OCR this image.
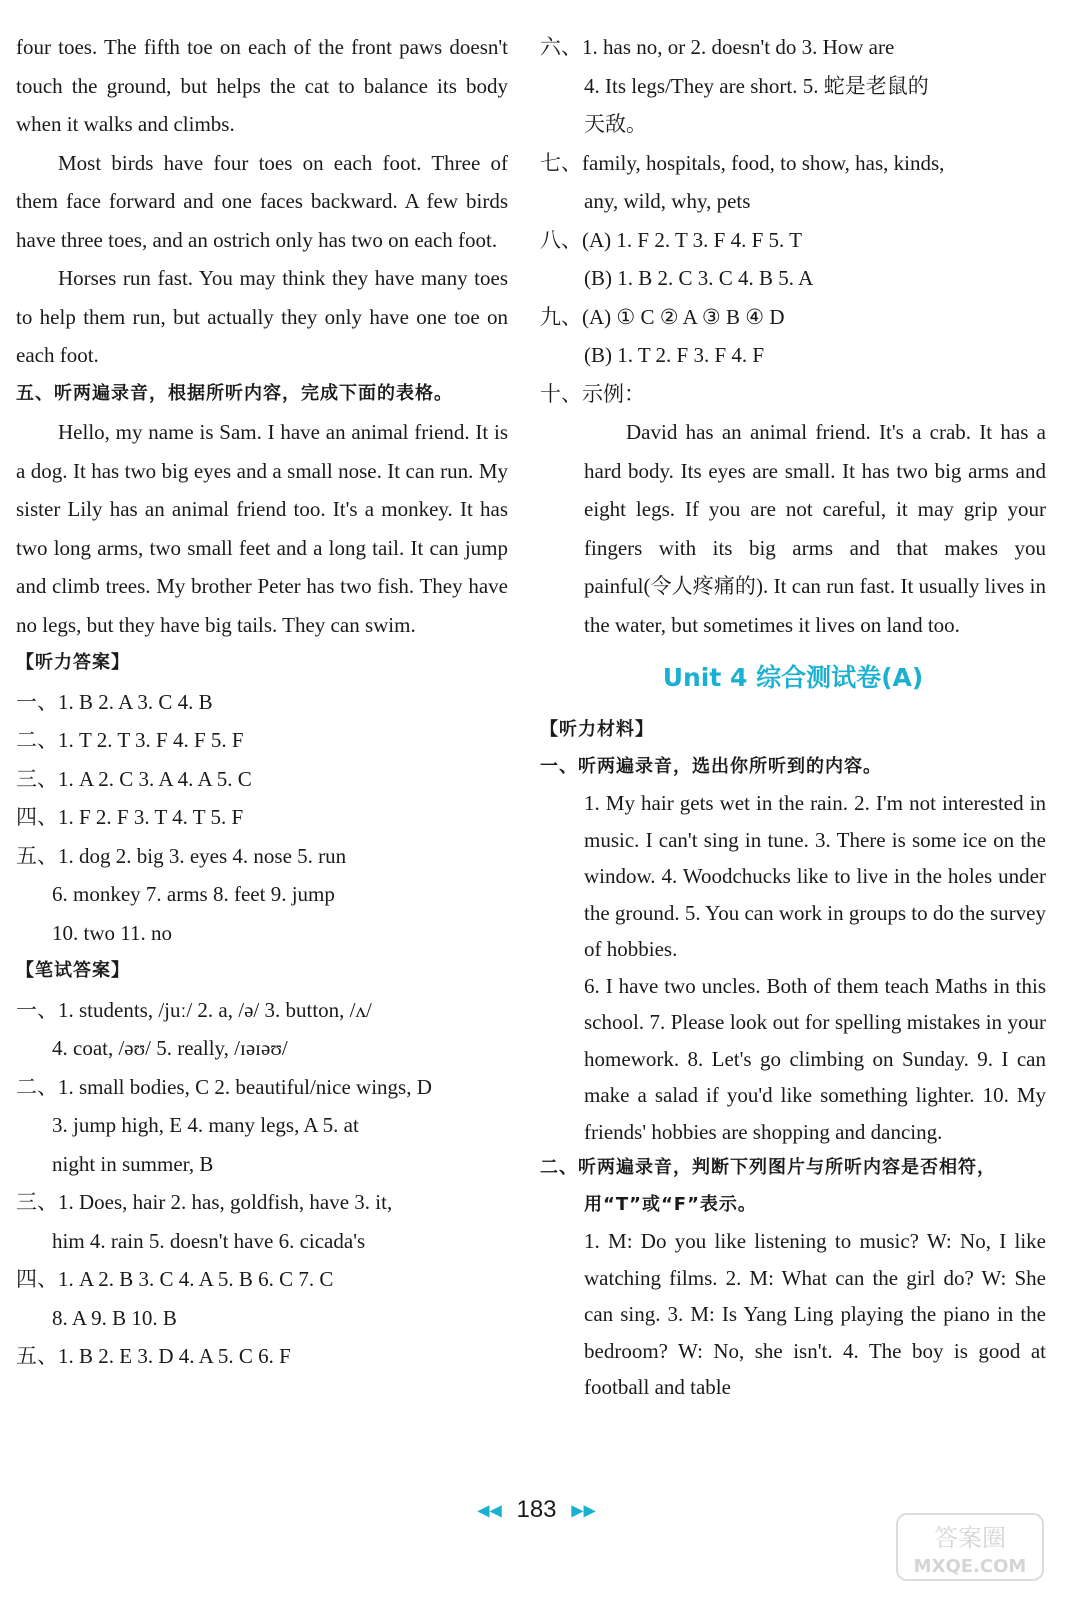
four toes. The fifth toe on each of the front paws doesn't touch the ground, but helps the cat to balance its body when it walks and climbs.

Most birds have four toes on each foot. Three of them face forward and one faces backward. A few birds have three toes, and an ostrich only has two on each foot.

Horses run fast. You may think they have many toes to help them run, but actually they only have one toe on each foot.

五、听两遍录音，根据所听内容，完成下面的表格。

Hello, my name is Sam. I have an animal friend. It is a dog. It has two big eyes and a small nose. It can run. My sister Lily has an animal friend too. It's a monkey. It has two long arms, two small feet and a long tail. It can jump and climb trees. My brother Peter has two fish. They have no legs, but they have big tails. They can swim.

【听力答案】

一、1. B 2. A 3. C 4. B

二、1. T 2. T 3. F 4. F 5. F

三、1. A 2. C 3. A 4. A 5. C

四、1. F 2. F 3. T 4. T 5. F

五、1. dog 2. big 3. eyes 4. nose 5. run

6. monkey 7. arms 8. feet 9. jump

10. two 11. no

【笔试答案】

一、1. students, /juː/ 2. a, /ə/ 3. button, /ʌ/

4. coat, /əʊ/ 5. really, /ɪəɪəʊ/

二、1. small bodies, C 2. beautiful/nice wings, D

3. jump high, E 4. many legs, A 5. at

night in summer, B

三、1. Does, hair 2. has, goldfish, have 3. it,

him 4. rain 5. doesn't have 6. cicada's

四、1. A 2. B 3. C 4. A 5. B 6. C 7. C

8. A 9. B 10. B

五、1. B 2. E 3. D 4. A 5. C 6. F

六、1. has no, or 2. doesn't do 3. How are

4. Its legs/They are short. 5. 蛇是老鼠的

天敌。

七、family, hospitals, food, to show, has, kinds,

any, wild, why, pets

八、(A) 1. F 2. T 3. F 4. F 5. T

(B) 1. B 2. C 3. C 4. B 5. A

九、(A) ① C ② A ③ B ④ D

(B) 1. T 2. F 3. F 4. F

十、示例：

David has an animal friend. It's a crab. It has a hard body. Its eyes are small. It has two big arms and eight legs. If you are not careful, it may grip your fingers with its big arms and that makes you painful(令人疼痛的). It can run fast. It usually lives in the water, but sometimes it lives on land too.

Unit 4 综合测试卷(A)

【听力材料】

一、听两遍录音，选出你所听到的内容。

1. My hair gets wet in the rain. 2. I'm not interested in music. I can't sing in tune. 3. There is some ice on the window. 4. Woodchucks like to live in the holes under the ground. 5. You can work in groups to do the survey of hobbies.

6. I have two uncles. Both of them teach Maths in this school. 7. Please look out for spelling mistakes in your homework. 8. Let's go climbing on Sunday. 9. I can make a salad if you'd like something lighter. 10. My friends' hobbies are shopping and dancing.

二、听两遍录音，判断下列图片与所听内容是否相符，用“T”或“F”表示。

1. M: Do you like listening to music? W: No, I like watching films. 2. M: What can the girl do? W: She can sing. 3. M: Is Yang Ling playing the piano in the bedroom? W: No, she isn't. 4. The boy is good at football and table

◀◀ 183 ▶▶
答案圈
MXQE.COM
